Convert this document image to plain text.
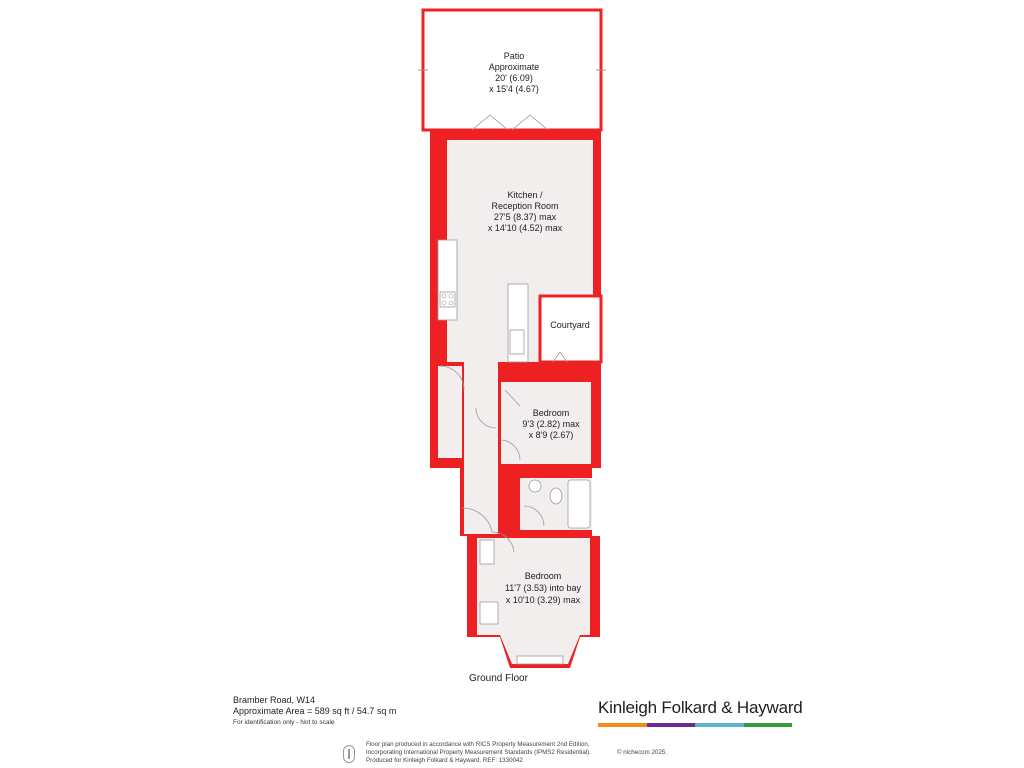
Patio
Approximate
20' (6.09)
x 15'4 (4.67)
Kitchen /
Reception Room
27'5 (8.37) max
x 14'10 (4.52) max
Courtyard
Bedroom
9'3 (2.82) max
x 8'9 (2.67)
Bedroom
11'7 (3.53) into bay
x 10'10 (3.29) max
Ground Floor
Bramber Road, W14
Approximate Area = 589 sq ft / 54.7 sq m
For identification only - Not to scale
Kinleigh Folkard & Hayward
Floor plan produced in accordance with RICS Property Measurement 2nd Edition,
Incorporating International Property Measurement Standards (IPMS2 Residential).
Produced for Kinleigh Folkard & Hayward. REF: 1330042
© nichecom 2025.
